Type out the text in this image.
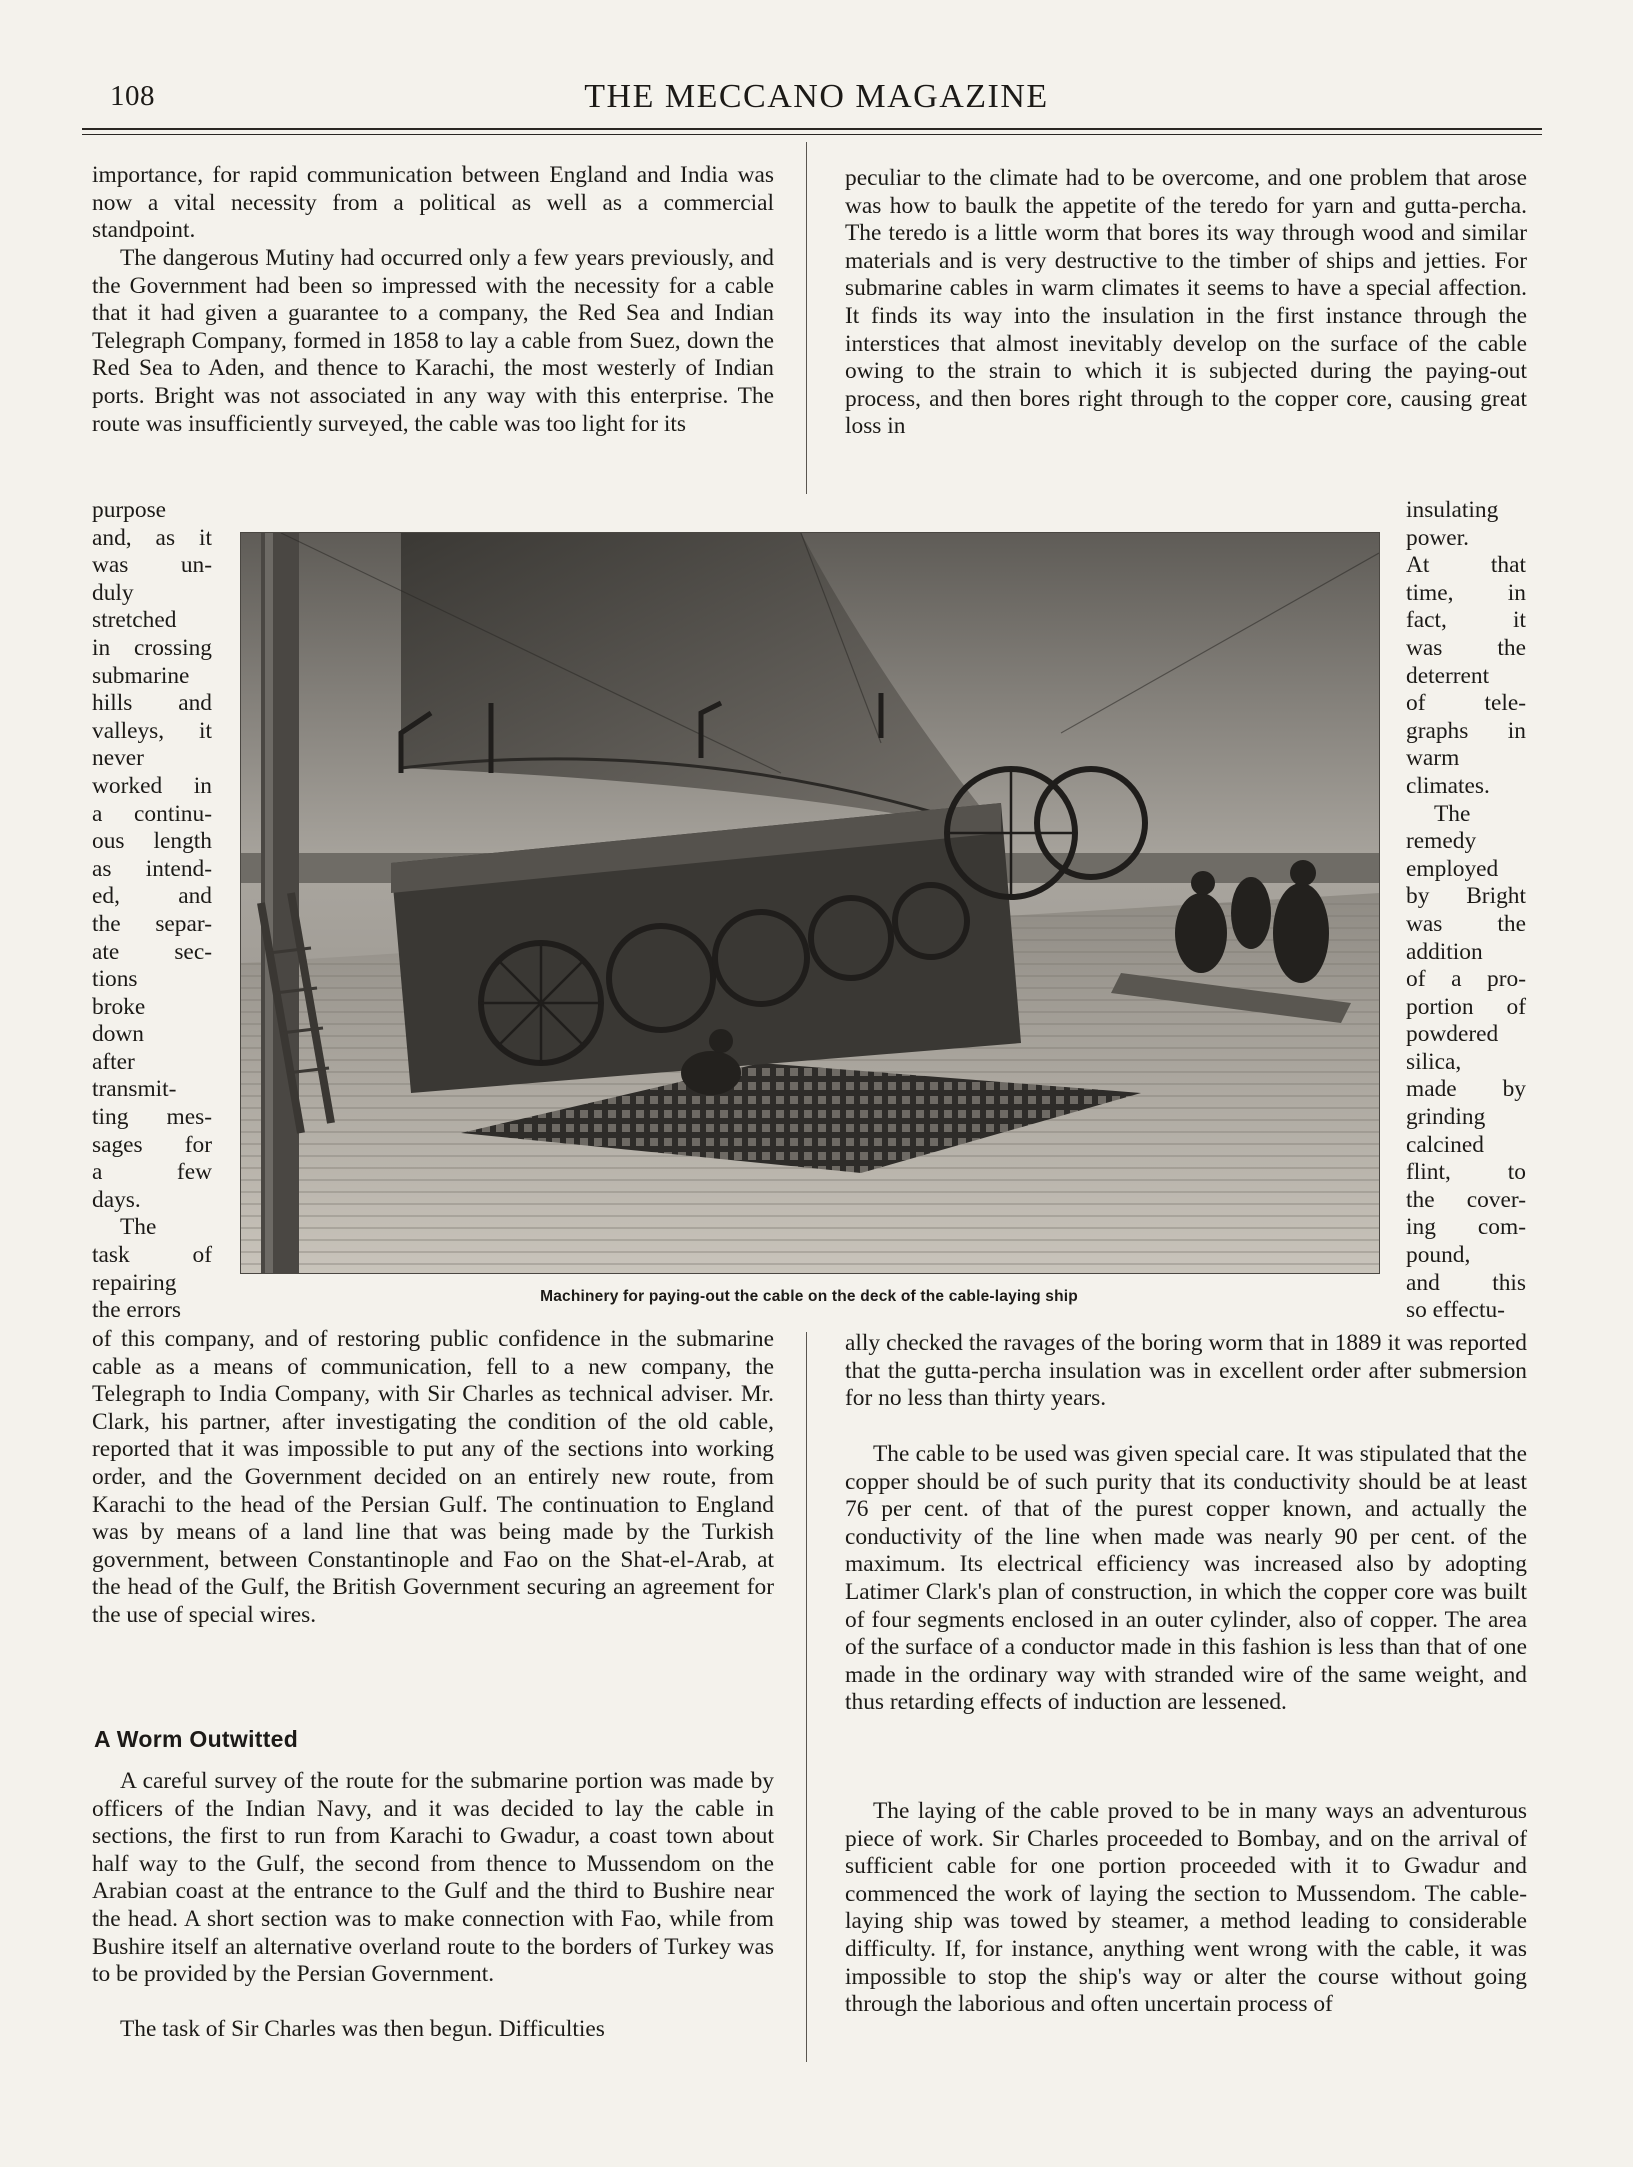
108	THE MECCANO MAGAZINE

importance, for rapid communication between England and India was now a vital necessity from a political as well as a commercial standpoint.

The dangerous Mutiny had occurred only a few years previously, and the Government had been so impressed with the necessity for a cable that it had given a guarantee to a company, the Red Sea and Indian Telegraph Company, formed in 1858 to lay a cable from Suez, down the Red Sea to Aden, and thence to Karachi, the most westerly of Indian ports. Bright was not associated in any way with this enterprise. The route was insufficiently surveyed, the cable was too light for its

purpose
and, as it
was un-
duly
stretched
in crossing
submarine
hills and
valleys, it
never
worked in
a continu-
ous length
as intend-
ed, and
the separ-
ate sec-
tions
broke
down
after
transmit-
ting mes-
sages for
a few
days.
The
task of
repairing
the errors
Machinery for paying-out the cable on the deck of the cable-laying ship

peculiar to the climate had to be overcome, and one problem that arose was how to baulk the appetite of the teredo for yarn and gutta-percha. The teredo is a little worm that bores its way through wood and similar materials and is very destructive to the timber of ships and jetties. For submarine cables in warm climates it seems to have a special affection. It finds its way into the insulation in the first instance through the interstices that almost inevitably develop on the surface of the cable owing to the strain to which it is subjected during the paying-out process, and then bores right through to the copper core, causing great loss in

insulating
power.
At that
time, in
fact, it
was the
deterrent
of tele-
graphs in
warm
climates.
The
remedy
employed
by Bright
was the
addition
of a pro-
portion of
powdered
silica,
made by
grinding
calcined
flint, to
the cover-
ing com-
pound,
and this
so effectu-

of this company, and of restoring public confidence in the submarine cable as a means of communication, fell to a new company, the Telegraph to India Company, with Sir Charles as technical adviser. Mr. Clark, his partner, after investigating the condition of the old cable, reported that it was impossible to put any of the sections into working order, and the Government decided on an entirely new route, from Karachi to the head of the Persian Gulf. The continuation to England was by means of a land line that was being made by the Turkish government, between Constantinople and Fao on the Shat-el-Arab, at the head of the Gulf, the British Government securing an agreement for the use of special wires.

A Worm Outwitted

A careful survey of the route for the submarine portion was made by officers of the Indian Navy, and it was decided to lay the cable in sections, the first to run from Karachi to Gwadur, a coast town about half way to the Gulf, the second from thence to Mussendom on the Arabian coast at the entrance to the Gulf and the third to Bushire near the head. A short section was to make connection with Fao, while from Bushire itself an alternative overland route to the borders of Turkey was to be provided by the Persian Government.

The task of Sir Charles was then begun. Difficulties

ally checked the ravages of the boring worm that in 1889 it was reported that the gutta-percha insulation was in excellent order after submersion for no less than thirty years.

The cable to be used was given special care. It was stipulated that the copper should be of such purity that its conductivity should be at least 76 per cent. of that of the purest copper known, and actually the conductivity of the line when made was nearly 90 per cent. of the maximum. Its electrical efficiency was increased also by adopting Latimer Clark's plan of construction, in which the copper core was built of four segments enclosed in an outer cylinder, also of copper. The area of the surface of a conductor made in this fashion is less than that of one made in the ordinary way with stranded wire of the same weight, and thus retarding effects of induction are lessened.

The laying of the cable proved to be in many ways an adventurous piece of work. Sir Charles proceeded to Bombay, and on the arrival of sufficient cable for one portion proceeded with it to Gwadur and commenced the work of laying the section to Mussendom. The cable-laying ship was towed by steamer, a method leading to considerable difficulty. If, for instance, anything went wrong with the cable, it was impossible to stop the ship's way or alter the course without going through the laborious and often uncertain process of
